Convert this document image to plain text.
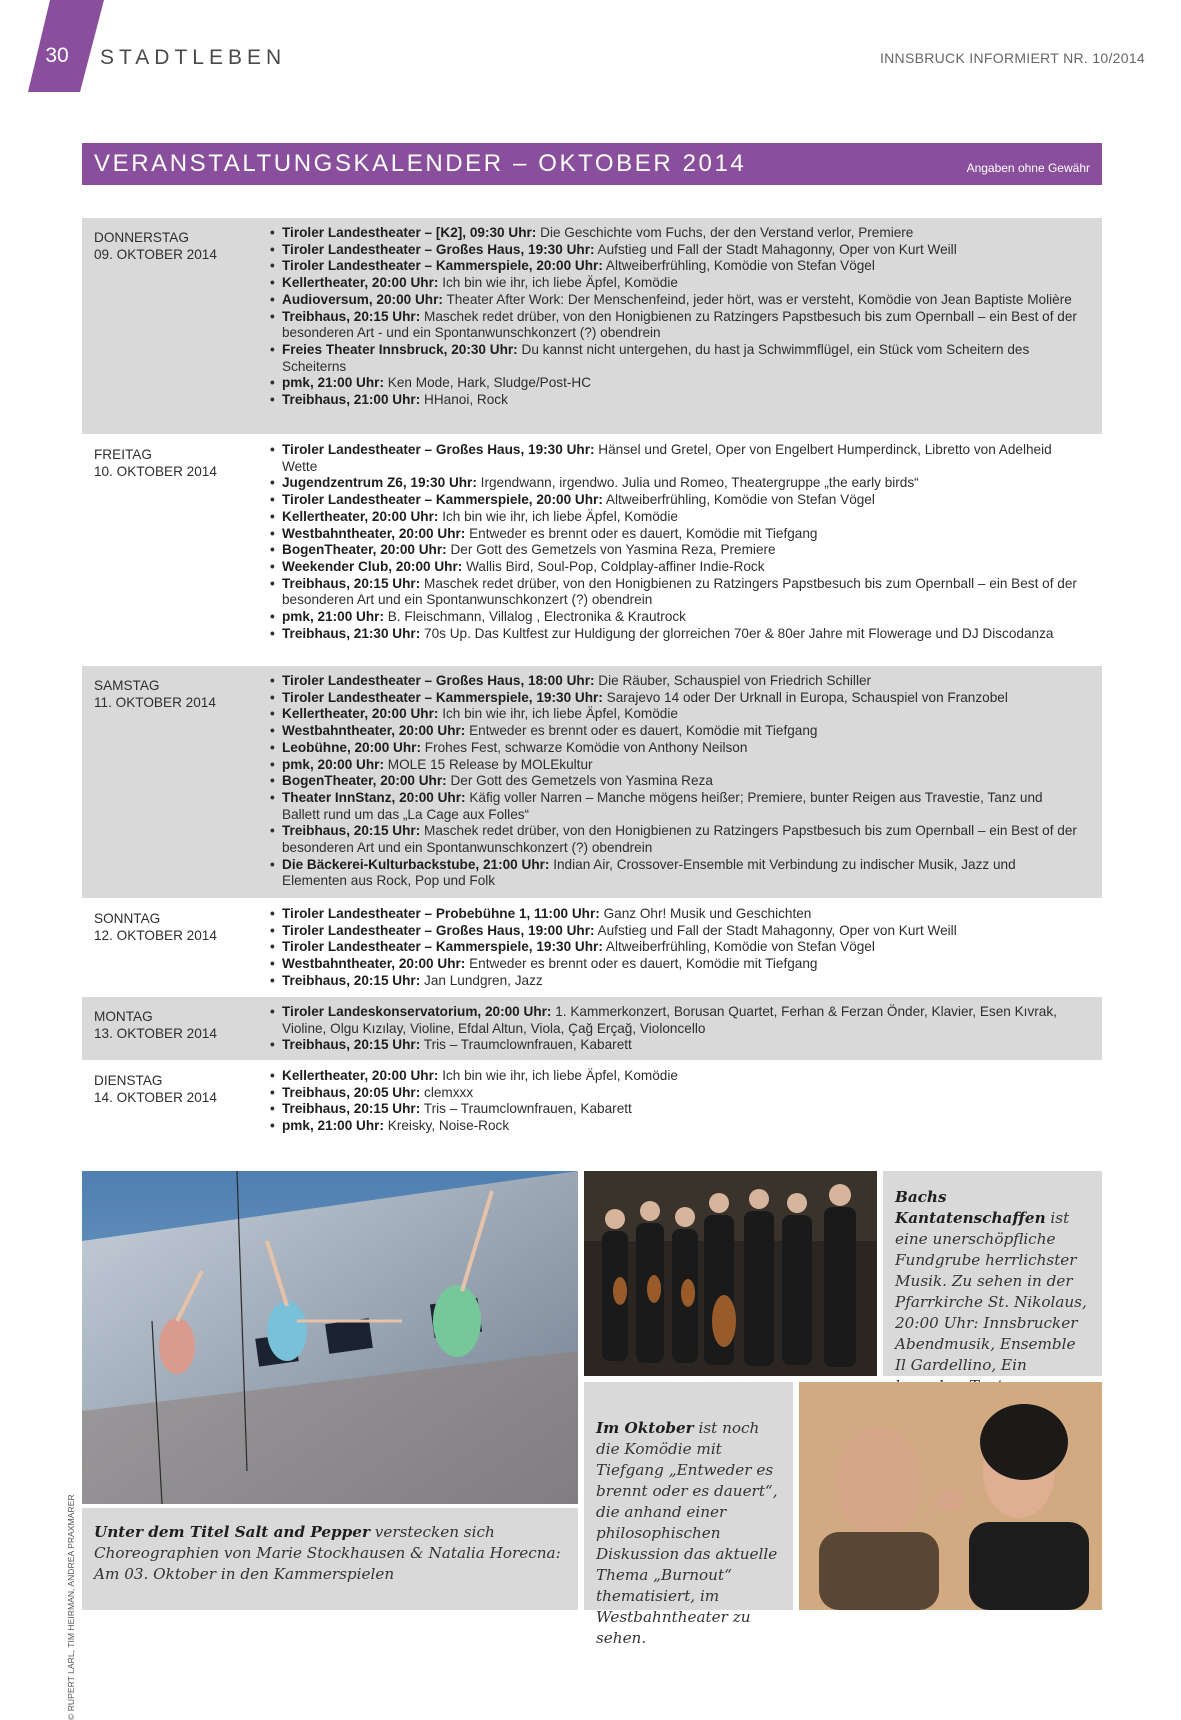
30 STADTLEBEN	INNSBRUCK INFORMIERT NR. 10/2014
VERANSTALTUNGSKALENDER – OKTOBER 2014	Angaben ohne Gewähr
DONNERSTAG
09. OKTOBER 2014
• Tiroler Landestheater – [K2], 09:30 Uhr: Die Geschichte vom Fuchs, der den Verstand verlor, Premiere
• Tiroler Landestheater – Großes Haus, 19:30 Uhr: Aufstieg und Fall der Stadt Mahagonny, Oper von Kurt Weill
• Tiroler Landestheater – Kammerspiele, 20:00 Uhr: Altweiberfrühling, Komödie von Stefan Vögel
• Kellertheater, 20:00 Uhr: Ich bin wie ihr, ich liebe Äpfel, Komödie
• Audioversum, 20:00 Uhr: Theater After Work: Der Menschenfeind, jeder hört, was er versteht, Komödie von Jean Baptiste Molière
• Treibhaus, 20:15 Uhr: Maschek redet drüber, von den Honigbienen zu Ratzingers Papstbesuch bis zum Opernball – ein Best of der besonderen Art - und ein Spontanwunschkonzert (?) obendrein
• Freies Theater Innsbruck, 20:30 Uhr: Du kannst nicht untergehen, du hast ja Schwimmflügel, ein Stück vom Scheitern des Scheiterns
• pmk, 21:00 Uhr: Ken Mode, Hark, Sludge/Post-HC
• Treibhaus, 21:00 Uhr: HHanoi, Rock
FREITAG
10. OKTOBER 2014
• Tiroler Landestheater – Großes Haus, 19:30 Uhr: Hänsel und Gretel, Oper von Engelbert Humperdinck, Libretto von Adelheid Wette
• Jugendzentrum Z6, 19:30 Uhr: Irgendwann, irgendwo. Julia und Romeo, Theatergruppe „the early birds“
• Tiroler Landestheater – Kammerspiele, 20:00 Uhr: Altweiberfrühling, Komödie von Stefan Vögel
• Kellertheater, 20:00 Uhr: Ich bin wie ihr, ich liebe Äpfel, Komödie
• Westbahntheater, 20:00 Uhr: Entweder es brennt oder es dauert, Komödie mit Tiefgang
• BogenTheater, 20:00 Uhr: Der Gott des Gemetzels von Yasmina Reza, Premiere
• Weekender Club, 20:00 Uhr: Wallis Bird, Soul-Pop, Coldplay-affiner Indie-Rock
• Treibhaus, 20:15 Uhr: Maschek redet drüber, von den Honigbienen zu Ratzingers Papstbesuch bis zum Opernball – ein Best of der besonderen Art und ein Spontanwunschkonzert (?) obendrein
• pmk, 21:00 Uhr: B. Fleischmann, Villalog , Electronika & Krautrock
• Treibhaus, 21:30 Uhr: 70s Up. Das Kultfest zur Huldigung der glorreichen 70er & 80er Jahre mit Flowerage und DJ Discodanza
SAMSTAG
11. OKTOBER 2014
• Tiroler Landestheater – Großes Haus, 18:00 Uhr: Die Räuber, Schauspiel von Friedrich Schiller
• Tiroler Landestheater – Kammerspiele, 19:30 Uhr: Sarajevo 14 oder Der Urknall in Europa, Schauspiel von Franzobel
• Kellertheater, 20:00 Uhr: Ich bin wie ihr, ich liebe Äpfel, Komödie
• Westbahntheater, 20:00 Uhr: Entweder es brennt oder es dauert, Komödie mit Tiefgang
• Leobühne, 20:00 Uhr: Frohes Fest, schwarze Komödie von Anthony Neilson
• pmk, 20:00 Uhr: MOLE 15 Release by MOLEkultur
• BogenTheater, 20:00 Uhr: Der Gott des Gemetzels von Yasmina Reza
• Theater InnStanz, 20:00 Uhr: Käfig voller Narren – Manche mögens heißer; Premiere, bunter Reigen aus Travestie, Tanz und Ballett rund um das „La Cage aux Folles“
• Treibhaus, 20:15 Uhr: Maschek redet drüber, von den Honigbienen zu Ratzingers Papstbesuch bis zum Opernball – ein Best of der besonderen Art und ein Spontanwunschkonzert (?) obendrein
• Die Bäckerei-Kulturbackstube, 21:00 Uhr: Indian Air, Crossover-Ensemble mit Verbindung zu indischer Musik, Jazz und Elementen aus Rock, Pop und Folk
SONNTAG
12. OKTOBER 2014
• Tiroler Landestheater – Probebühne 1, 11:00 Uhr: Ganz Ohr! Musik und Geschichten
• Tiroler Landestheater – Großes Haus, 19:00 Uhr: Aufstieg und Fall der Stadt Mahagonny, Oper von Kurt Weill
• Tiroler Landestheater – Kammerspiele, 19:30 Uhr: Altweiberfrühling, Komödie von Stefan Vögel
• Westbahntheater, 20:00 Uhr: Entweder es brennt oder es dauert, Komödie mit Tiefgang
• Treibhaus, 20:15 Uhr: Jan Lundgren, Jazz
MONTAG
13. OKTOBER 2014
• Tiroler Landeskonservatorium, 20:00 Uhr: 1. Kammerkonzert, Borusan Quartet, Ferhan & Ferzan Önder, Klavier, Esen Kıvrak, Violine, Olgu Kızılay, Violine, Efdal Altun, Viola, Çağ Erçağ, Violoncello
• Treibhaus, 20:15 Uhr: Tris – Traumclownfrauen, Kabarett
DIENSTAG
14. OKTOBER 2014
• Kellertheater, 20:00 Uhr: Ich bin wie ihr, ich liebe Äpfel, Komödie
• Treibhaus, 20:05 Uhr: clemxxx
• Treibhaus, 20:15 Uhr: Tris – Traumclownfrauen, Kabarett
• pmk, 21:00 Uhr: Kreisky, Noise-Rock
© RUPERT LARL, TIM HEIRMAN, ANDREA PRAXMARER	Unter dem Titel Salt and Pepper verstecken sich Choreographien von Marie Stockhausen & Natalia Horecna: Am 03. Oktober in den Kammerspielen
Bachs Kantatenschaffen ist eine unerschöpfliche Fundgrube herrlichster Musik. Zu sehen in der Pfarrkirche St. Nikolaus, 20:00 Uhr: Innsbrucker Abendmusik, Ensemble Il Gardellino, Ein
Im Oktober ist noch die Komödie mit Tiefgang „Entweder es brennt oder es dauert“, die anhand einer philosophischen Diskussion das aktuelle Thema „Burnout“ thematisiert, im Westbahntheater zu sehen.
